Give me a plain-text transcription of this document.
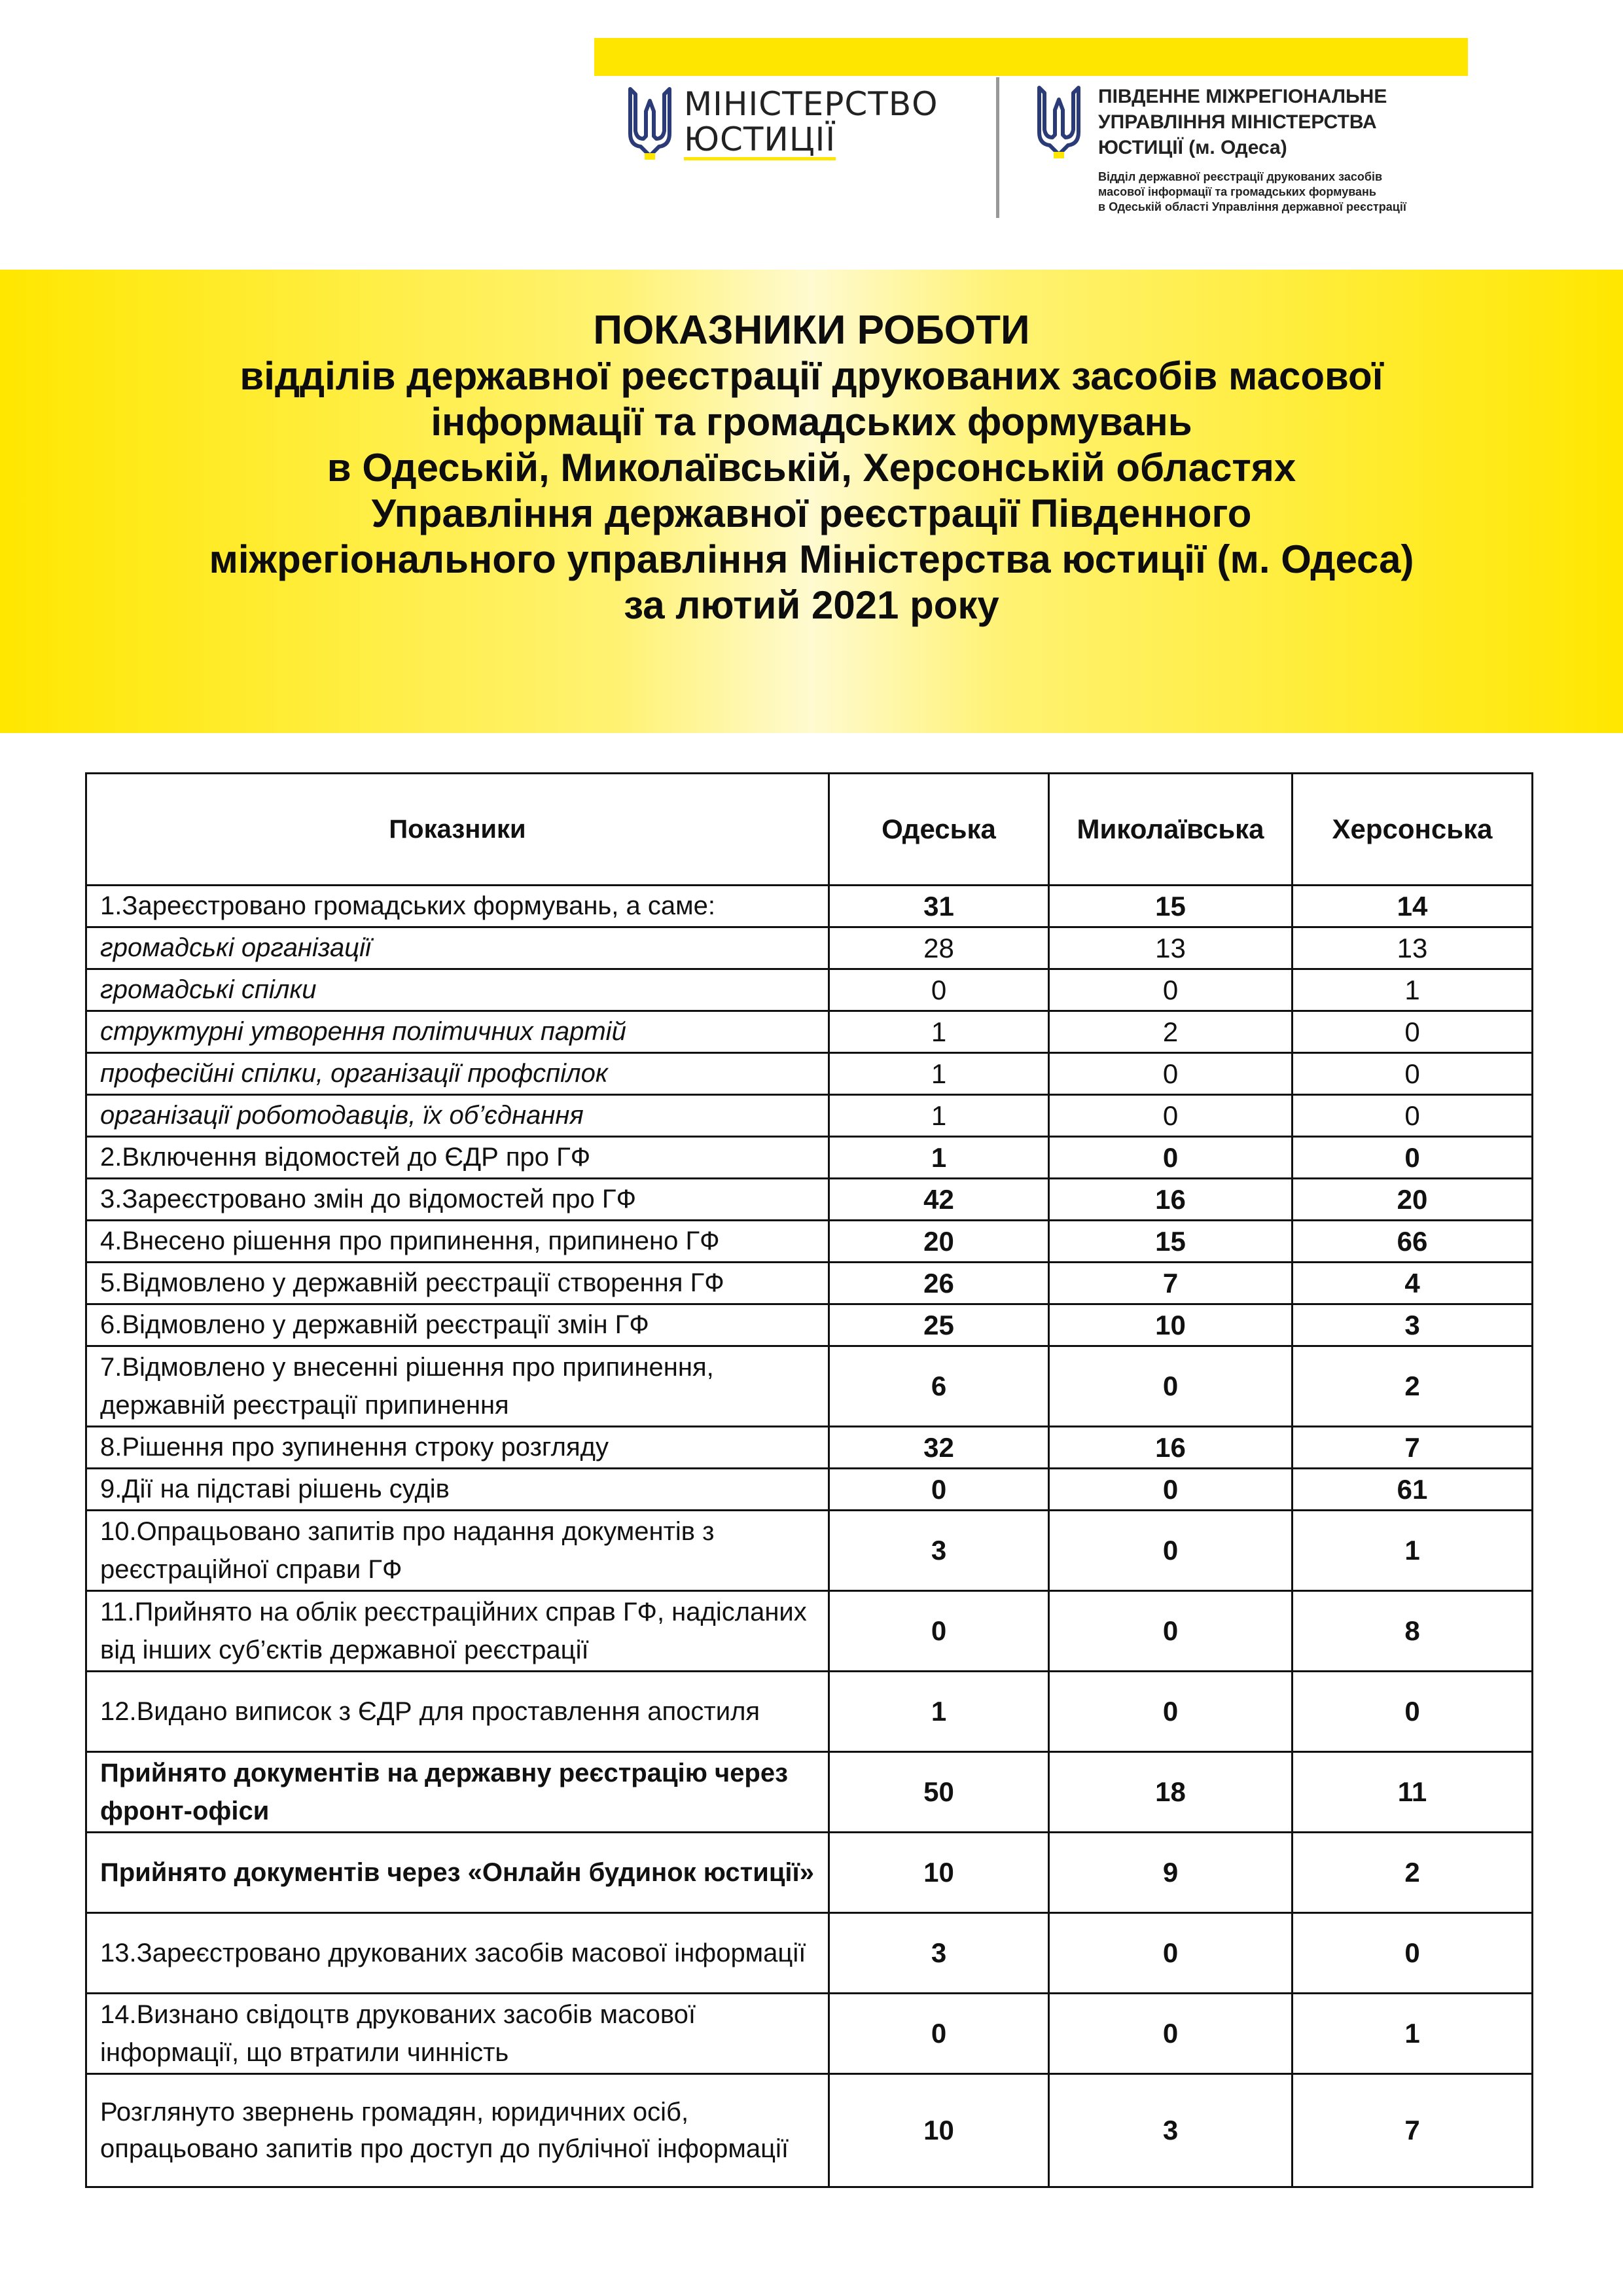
МІНІСТЕРСТВО
ЮСТИЦІЇ
ПІВДЕННЕ МІЖРЕГІОНАЛЬНЕ УПРАВЛІННЯ МІНІСТЕРСТВА ЮСТИЦІЇ (м. Одеса)
Відділ державної реєстрації друкованих засобів
масової інформації та громадських формувань
в Одеській області Управління державної реєстрації
ПОКАЗНИКИ РОБОТИ
відділів державної реєстрації друкованих засобів масової
інформації та громадських формувань
в Одеській, Миколаївській, Херсонській областях
Управління державної реєстрації Південного
міжрегіонального управління Міністерства юстиції (м. Одеса)
за лютий 2021 року
Показники	Одеська	Миколаївська	Херсонська
1.Зареєстровано громадських формувань, а саме:	31	15	14
громадські організації	28	13	13
громадські спілки	0	0	1
структурні утворення політичних партій	1	2	0
професійні спілки, організації профспілок	1	0	0
організації роботодавців, їх об’єднання	1	0	0
2.Включення відомостей до ЄДР про ГФ	1	0	0
3.Зареєстровано змін до відомостей про ГФ	42	16	20
4.Внесено рішення про припинення, припинено ГФ	20	15	66
5.Відмовлено у державній реєстрації створення ГФ	26	7	4
6.Відмовлено у державній реєстрації змін ГФ	25	10	3
7.Відмовлено у внесенні рішення про припинення, державній реєстрації припинення	6	0	2
8.Рішення про зупинення строку розгляду	32	16	7
9.Дії на підставі рішень судів	0	0	61
10.Опрацьовано запитів про надання документів з реєстраційної справи ГФ	3	0	1
11.Прийнято на облік реєстраційних справ ГФ, надісланих від інших суб’єктів державної реєстрації	0	0	8
12.Видано виписок з ЄДР для проставлення апостиля	1	0	0
Прийнято документів на державну реєстрацію через фронт-офіси	50	18	11
Прийнято документів через «Онлайн будинок юстиції»	10	9	2
13.Зареєстровано друкованих засобів масової інформації	3	0	0
14.Визнано свідоцтв друкованих засобів масової інформації, що втратили чинність	0	0	1
Розглянуто звернень громадян, юридичних осіб, опрацьовано запитів про доступ до публічної інформації	10	3	7
